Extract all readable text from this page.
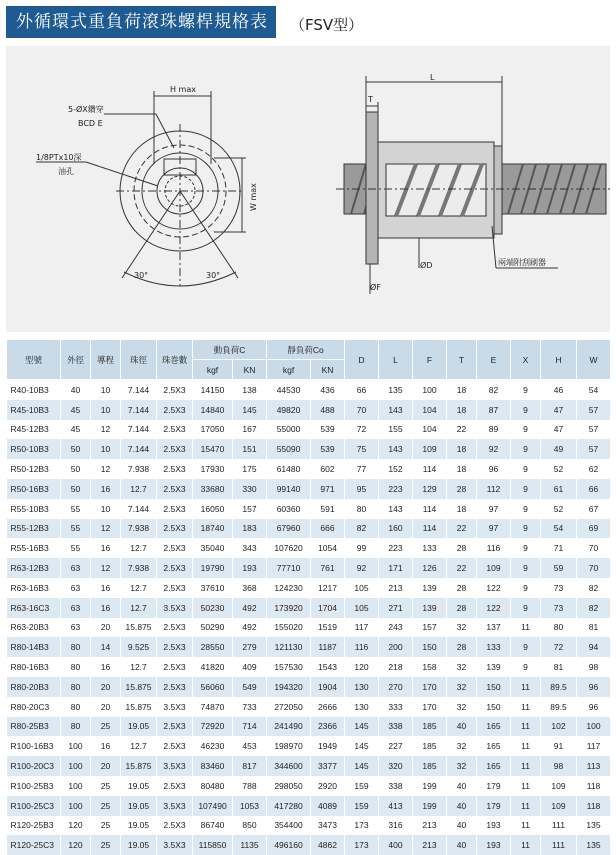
外循環式重負荷滾珠螺桿規格表	（FSV型）
5-ØX鑽穿
BCD E
1/8PTx10深
油孔
H max
W max
30°	30°
L
T
ØD
ØF
兩端附刮刷器
型號	外徑	導程	珠徑	珠巻數	動負荷C		靜負荷Co		D	L	F	T	E	X	H	W
					kgf	KN	kgf	KN								
R40-10B3	40	10	7.144	2.5X3	14150	138	44530	436	66	135	100	18	82	9	46	54
R45-10B3	45	10	7.144	2.5X3	14840	145	49820	488	70	143	104	18	87	9	47	57
R45-12B3	45	12	7.144	2.5X3	17050	167	55000	539	72	155	104	22	89	9	47	57
R50-10B3	50	10	7.144	2.5X3	15470	151	55090	539	75	143	109	18	92	9	49	57
R50-12B3	50	12	7.938	2.5X3	17930	175	61480	602	77	152	114	18	96	9	52	62
R50-16B3	50	16	12.7	2.5X3	33680	330	99140	971	95	223	129	28	112	9	61	66
R55-10B3	55	10	7.144	2.5X3	16050	157	60360	591	80	143	114	18	97	9	52	67
R55-12B3	55	12	7.938	2.5X3	18740	183	67960	666	82	160	114	22	97	9	54	69
R55-16B3	55	16	12.7	2.5X3	35040	343	107620	1054	99	223	133	28	116	9	71	70
R63-12B3	63	12	7.938	2.5X3	19790	193	77710	761	92	171	126	22	109	9	59	70
R63-16B3	63	16	12.7	2.5X3	37610	368	124230	1217	105	213	139	28	122	9	73	82
R63-16C3	63	16	12.7	3.5X3	50230	492	173920	1704	105	271	139	28	122	9	73	82
R63-20B3	63	20	15.875	2.5X3	50290	492	155020	1519	117	243	157	32	137	11	80	81
R80-14B3	80	14	9.525	2.5X3	28550	279	121130	1187	116	200	150	28	133	9	72	94
R80-16B3	80	16	12.7	2.5X3	41820	409	157530	1543	120	218	158	32	139	9	81	98
R80-20B3	80	20	15.875	2.5X3	56060	549	194320	1904	130	270	170	32	150	11	89.5	96
R80-20C3	80	20	15.875	3.5X3	74870	733	272050	2666	130	333	170	32	150	11	89.5	96
R80-25B3	80	25	19.05	2.5X3	72920	714	241490	2366	145	338	185	40	165	11	102	100
R100-16B3	100	16	12.7	2.5X3	46230	453	198970	1949	145	227	185	32	165	11	91	117
R100-20C3	100	20	15.875	3.5X3	83460	817	344600	3377	145	320	185	32	165	11	98	113
R100-25B3	100	25	19.05	2.5X3	80480	788	298050	2920	159	338	199	40	179	11	109	118
R100-25C3	100	25	19.05	3.5X3	107490	1053	417280	4089	159	413	199	40	179	11	109	118
R120-25B3	120	25	19.05	2.5X3	86740	850	354400	3473	173	316	213	40	193	11	111	135
R120-25C3	120	25	19.05	3.5X3	115850	1135	496160	4862	173	400	213	40	193	11	111	135
